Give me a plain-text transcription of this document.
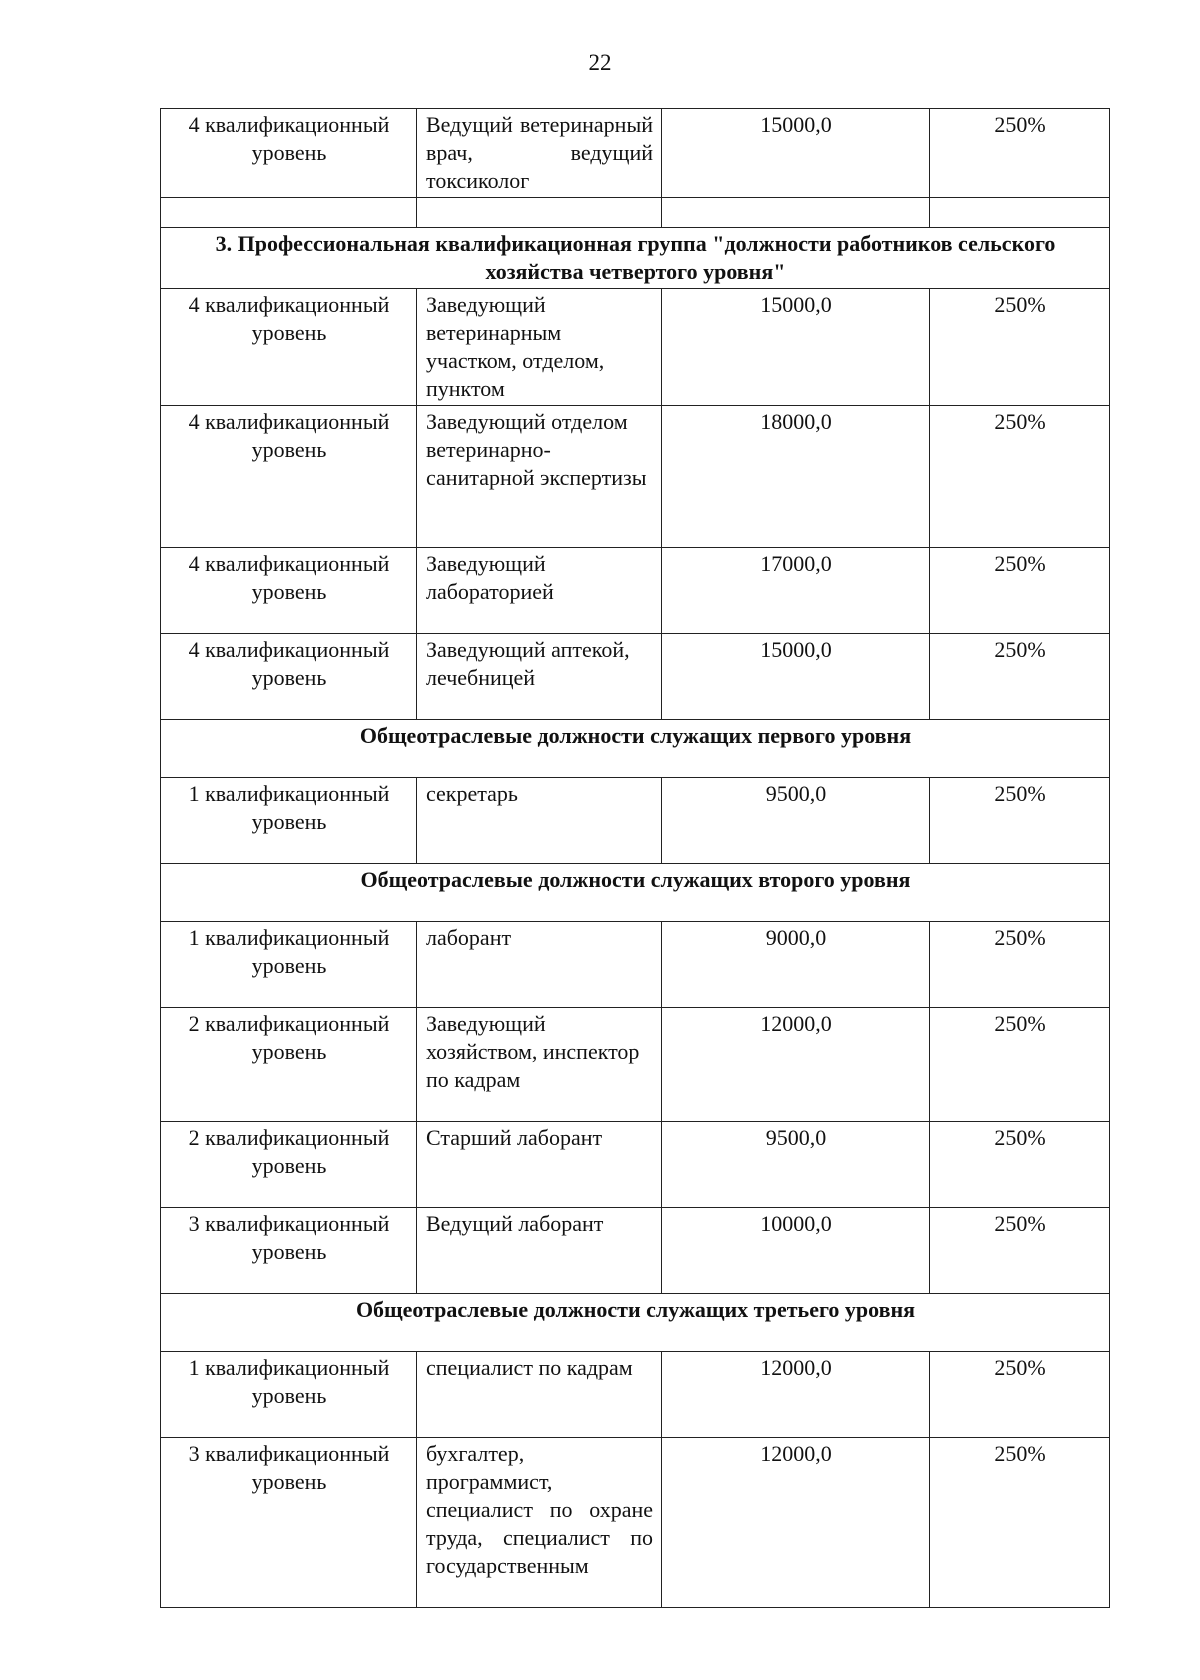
22
4 квалификационный уровень	Ведущий ветеринарный врач, ведущий токсиколог	15000,0	250%

3. Профессиональная квалификационная группа "должности работников сельского хозяйства четвертого уровня"			
4 квалификационный уровень	Заведующий ветеринарным участком, отделом, пунктом	15000,0	250%
4 квалификационный уровень	Заведующий отделом ветеринарно-санитарной экспертизы	18000,0	250%
4 квалификационный уровень	Заведующий лабораторией	17000,0	250%
4 квалификационный уровень	Заведующий аптекой, лечебницей	15000,0	250%
Общеотраслевые должности служащих первого уровня			
1 квалификационный уровень	секретарь	9500,0	250%
Общеотраслевые должности служащих второго уровня			
1 квалификационный уровень	лаборант	9000,0	250%
2 квалификационный уровень	Заведующий хозяйством, инспектор по кадрам	12000,0	250%
2 квалификационный уровень	Старший лаборант	9500,0	250%
3 квалификационный уровень	Ведущий лаборант	10000,0	250%
Общеотраслевые должности служащих третьего уровня			
1 квалификационный уровень	специалист по кадрам	12000,0	250%
3 квалификационный уровень	бухгалтер, программист, специалист по охране труда, специалист по государственным	12000,0	250%
